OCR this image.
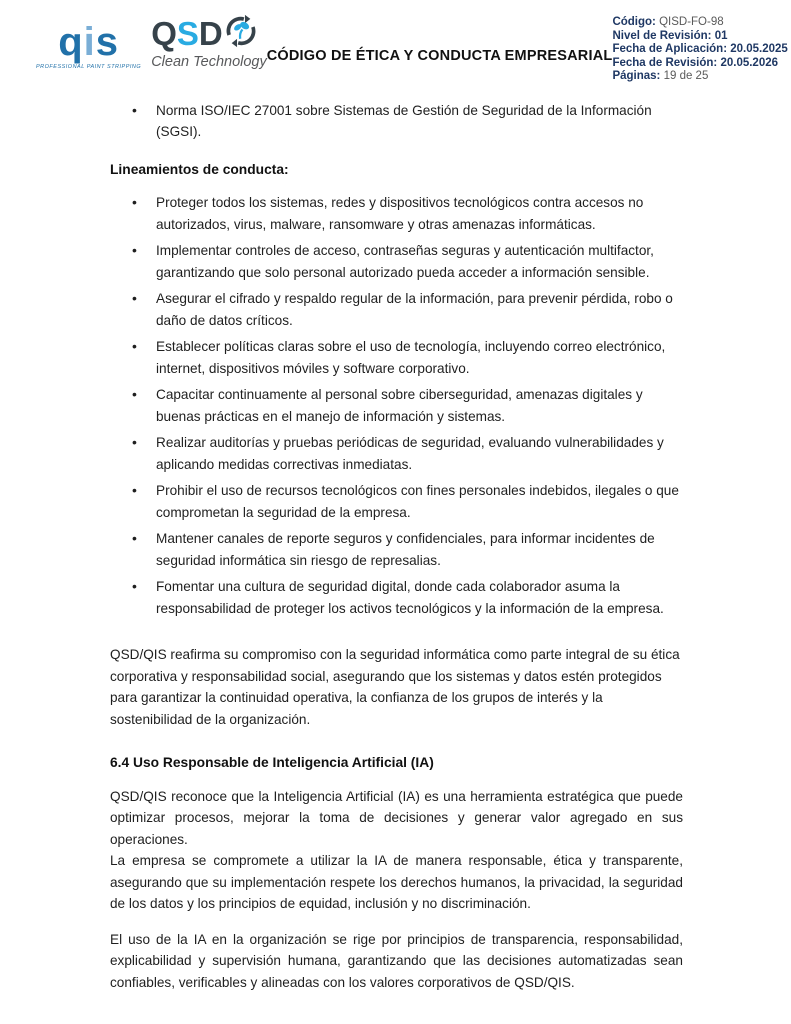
qis
PROFESSIONAL PAINT STRIPPING
QSD
Clean Technology CÓDIGO DE ÉTICA Y CONDUCTA EMPRESARIAL
Código: QISD-FO-98
Nivel de Revisión: 01
Fecha de Aplicación: 20.05.2025
Fecha de Revisión: 20.05.2026
Páginas: 19 de 25
• Norma ISO/IEC 27001 sobre Sistemas de Gestión de Seguridad de la Información (SGSI).
Lineamientos de conducta:
• Proteger todos los sistemas, redes y dispositivos tecnológicos contra accesos no autorizados, virus, malware, ransomware y otras amenazas informáticas.
• Implementar controles de acceso, contraseñas seguras y autenticación multifactor, garantizando que solo personal autorizado pueda acceder a información sensible.
• Asegurar el cifrado y respaldo regular de la información, para prevenir pérdida, robo o daño de datos críticos.
• Establecer políticas claras sobre el uso de tecnología, incluyendo correo electrónico, internet, dispositivos móviles y software corporativo.
• Capacitar continuamente al personal sobre ciberseguridad, amenazas digitales y buenas prácticas en el manejo de información y sistemas.
• Realizar auditorías y pruebas periódicas de seguridad, evaluando vulnerabilidades y aplicando medidas correctivas inmediatas.
• Prohibir el uso de recursos tecnológicos con fines personales indebidos, ilegales o que comprometan la seguridad de la empresa.
• Mantener canales de reporte seguros y confidenciales, para informar incidentes de seguridad informática sin riesgo de represalias.
• Fomentar una cultura de seguridad digital, donde cada colaborador asuma la responsabilidad de proteger los activos tecnológicos y la información de la empresa.

QSD/QIS reafirma su compromiso con la seguridad informática como parte integral de su ética corporativa y responsabilidad social, asegurando que los sistemas y datos estén protegidos para garantizar la continuidad operativa, la confianza de los grupos de interés y la sostenibilidad de la organización.

6.4 Uso Responsable de Inteligencia Artificial (IA)

QSD/QIS reconoce que la Inteligencia Artificial (IA) es una herramienta estratégica que puede optimizar procesos, mejorar la toma de decisiones y generar valor agregado en sus operaciones.

La empresa se compromete a utilizar la IA de manera responsable, ética y transparente, asegurando que su implementación respete los derechos humanos, la privacidad, la seguridad de los datos y los principios de equidad, inclusión y no discriminación.

El uso de la IA en la organización se rige por principios de transparencia, responsabilidad, explicabilidad y supervisión humana, garantizando que las decisiones automatizadas sean confiables, verificables y alineadas con los valores corporativos de QSD/QIS.
